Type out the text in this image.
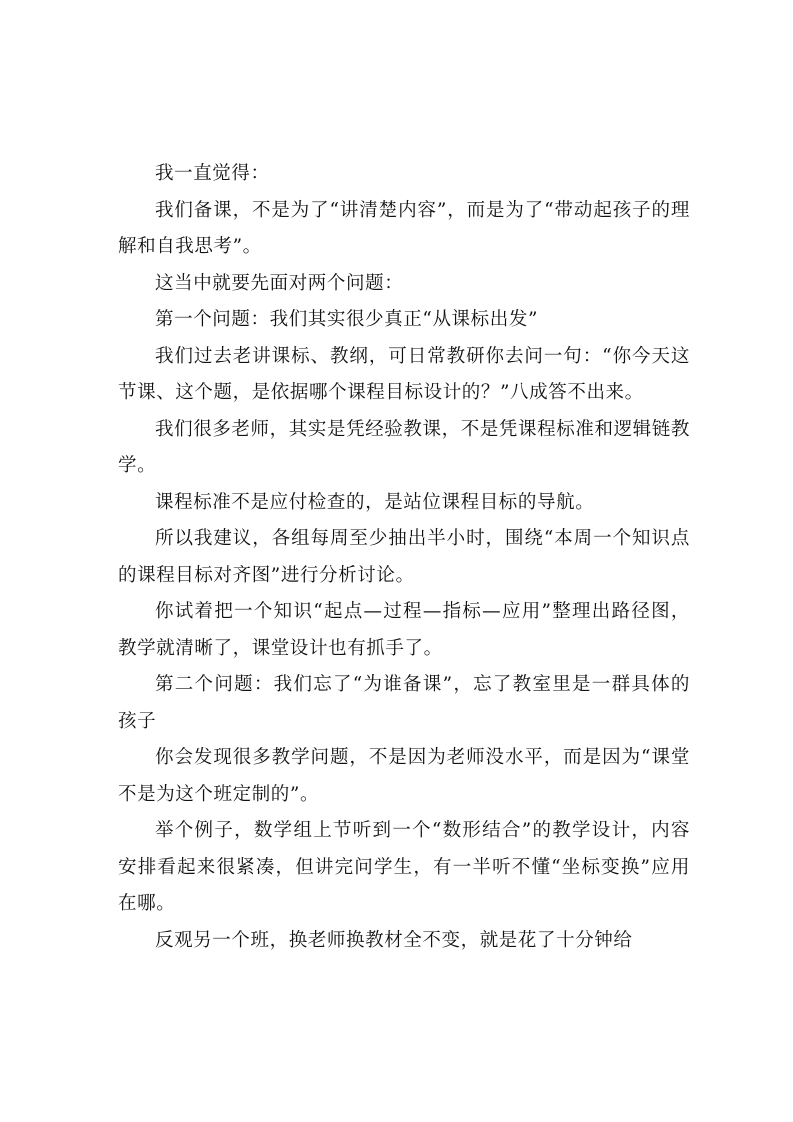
我一直觉得：

我们备课，不是为了“讲清楚内容”，而是为了“带动起孩子的理解和自我思考”。

这当中就要先面对两个问题：

第一个问题：我们其实很少真正“从课标出发”

我们过去老讲课标、教纲，可日常教研你去问一句：“你今天这节课、这个题，是依据哪个课程目标设计的？”八成答不出来。

我们很多老师，其实是凭经验教课，不是凭课程标准和逻辑链教学。

课程标准不是应付检查的，是站位课程目标的导航。

所以我建议，各组每周至少抽出半小时，围绕“本周一个知识点的课程目标对齐图”进行分析讨论。

你试着把一个知识“起点—过程—指标—应用”整理出路径图，教学就清晰了，课堂设计也有抓手了。

第二个问题：我们忘了“为谁备课”，忘了教室里是一群具体的孩子

你会发现很多教学问题，不是因为老师没水平，而是因为“课堂不是为这个班定制的”。

举个例子，数学组上节听到一个“数形结合”的教学设计，内容安排看起来很紧凑，但讲完问学生，有一半听不懂“坐标变换”应用在哪。

反观另一个班，换老师换教材全不变，就是花了十分钟给
